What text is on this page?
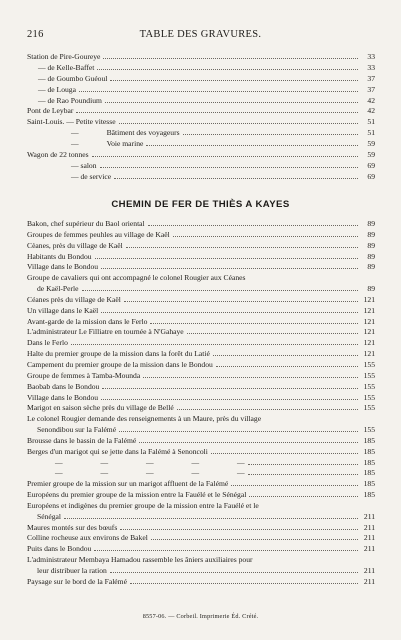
216	TABLE DES GRAVURES.
Station de Pire-Goureye	33
— de Kelle-Baffet	33
— de Goumbo Guéoul	37
— de Louga	37
— de Rao Poundium	42
Pont de Leybar	42
Saint-Louis. — Petite vitesse	51
—	Bâtiment des voyageurs	51
—	Voie marine	59
Wagon de 22 tonnes	59
— salon	69
— de service	69
CHEMIN DE FER DE THIÈS A KAYES
Bakon, chef supérieur du Baol oriental	89
Groupes de femmes peuhles au village de Kaël	89
Cèanes, près du village de Kaël	89
Habitants du Bondou	89
Village dans le Bondou	89
Groupe de cavaliers qui ont accompagné le colonel Rougier aux Céanes
de Kaël-Perle	89
Céanes près du village de Kaël	121
Un village dans le Kaël	121
Avant-garde de la mission dans le Ferlo	121
L'administrateur Le Filliatre en tournée à N'Gahaye	121
Dans le Ferlo	121
Halte du premier groupe de la mission dans la forêt du Latié	121
Campement du premier groupe de la mission dans le Bondou	155
Groupe de femmes à Tamba-Mounda	155
Baobab dans le Bondou	155
Village dans le Bondou	155
Marigot en saison sèche près du village de Bellé	155
Le colonel Rougier demande des renseignements à un Maure, près du village
Senondibou sur la Falémé	155
Brousse dans le bassin de la Falémé	185
Berges d'un marigot qui se jette dans la Falémé à Senoncoli	185
— — — — —	185
— — — — —	185
Premier groupe de la mission sur un marigot affluent de la Falémé	185
Européens du premier groupe de la mission entre la Fauélé et le Sénégal	185
Européens et indigènes du premier groupe de la mission entre la Fauélé et le
Sénégal	211
Maures montés sur des bœufs	211
Colline rocheuse aux environs de Bakel	211
Puits dans le Bondou	211
L'administrateur Membaya Hamadou rassemble les âniers auxiliaires pour
leur distribuer la ration	211
Paysage sur le bord de la Falémé	211
8557-06. — Corbeil. Imprimerie Éd. Crété.
